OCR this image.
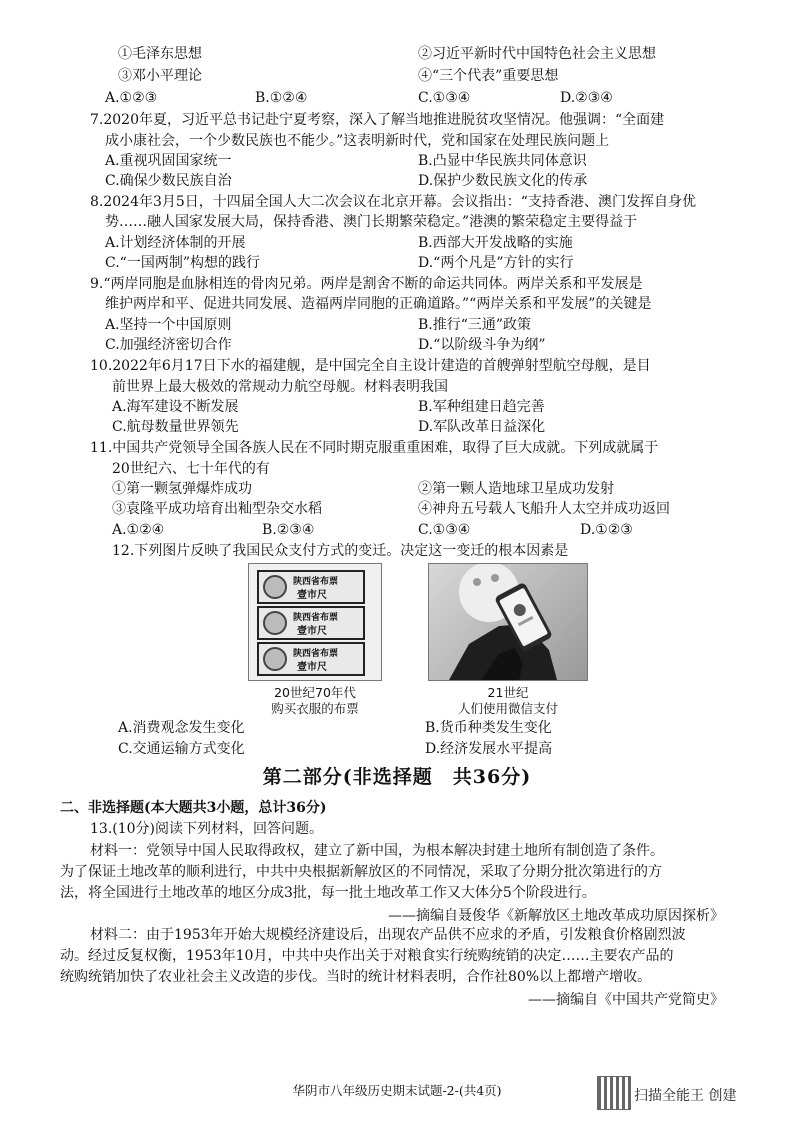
①毛泽东思想	②习近平新时代中国特色社会主义思想
③邓小平理论	④“三个代表”重要思想
A.①②③	B.①②④	C.①③④	D.②③④
7.2020年夏，习近平总书记赴宁夏考察，深入了解当地推进脱贫攻坚情况。他强调：“全面建
成小康社会，一个少数民族也不能少。”这表明新时代，党和国家在处理民族问题上
A.重视巩固国家统一	B.凸显中华民族共同体意识
C.确保少数民族自治	D.保护少数民族文化的传承
8.2024年3月5日，十四届全国人大二次会议在北京开幕。会议指出：“支持香港、澳门发挥自身优
势……融人国家发展大局，保持香港、澳门长期繁荣稳定。”港澳的繁荣稳定主要得益于
A.计划经济体制的开展	B.西部大开发战略的实施
C.“一国两制”构想的践行	D.“两个凡是”方针的实行
9.“两岸同胞是血脉相连的骨肉兄弟。两岸是割舍不断的命运共同体。两岸关系和平发展是
维护两岸和平、促进共同发展、造福两岸同胞的正确道路。”“两岸关系和平发展”的关键是
A.坚持一个中国原则	B.推行“三通”政策
C.加强经济密切合作	D.“以阶级斗争为纲”
10.2022年6月17日下水的福建舰，是中国完全自主设计建造的首艘弹射型航空母舰，是目
前世界上最大极效的常规动力航空母舰。材料表明我国
A.海军建设不断发展	B.军种组建日趋完善
C.航母数量世界领先	D.军队改革日益深化
11.中国共产党领导全国各族人民在不同时期克服重重困难，取得了巨大成就。下列成就属于
20世纪六、七十年代的有
①第一颗氢弹爆炸成功	②第一颗人造地球卫星成功发射
③袁隆平成功培育出籼型杂交水稻	④神舟五号载人飞船升人太空并成功返回
A.①②④	B.②③④	C.①③④	D.①②③
12.下列图片反映了我国民众支付方式的变迁。决定这一变迁的根本因素是
陕西省布票
壹市尺
陕西省布票
壹市尺
陕西省布票
壹市尺
20世纪70年代
购买衣服的布票
21世纪
人们使用微信支付
A.消费观念发生变化	B.货币种类发生变化
C.交通运输方式变化	D.经济发展水平提高
第二部分(非选择题　共36分)
二、非选择题(本大题共3小题，总计36分)
13.(10分)阅读下列材料，回答问题。
材料一：党领导中国人民取得政权，建立了新中国，为根本解决封建土地所有制创造了条件。
为了保证土地改革的顺利进行，中共中央根据新解放区的不同情况，采取了分期分批次第进行的方
法，将全国进行土地改革的地区分成3批，每一批土地改革工作又大体分5个阶段进行。
——摘编自聂俊华《新解放区土地改革成功原因探析》
材料二：由于1953年开始大规模经济建设后，出现农产品供不应求的矛盾，引发粮食价格剧烈波
动。经过反复权衡，1953年10月，中共中央作出关于对粮食实行统购统销的决定……主要农产品的
统购统销加快了农业社会主义改造的步伐。当时的统计材料表明，合作社80%以上都增产增收。
——摘编自《中国共产党简史》
华阴市八年级历史期末试题-2-(共4页)	扫描全能王 创建
